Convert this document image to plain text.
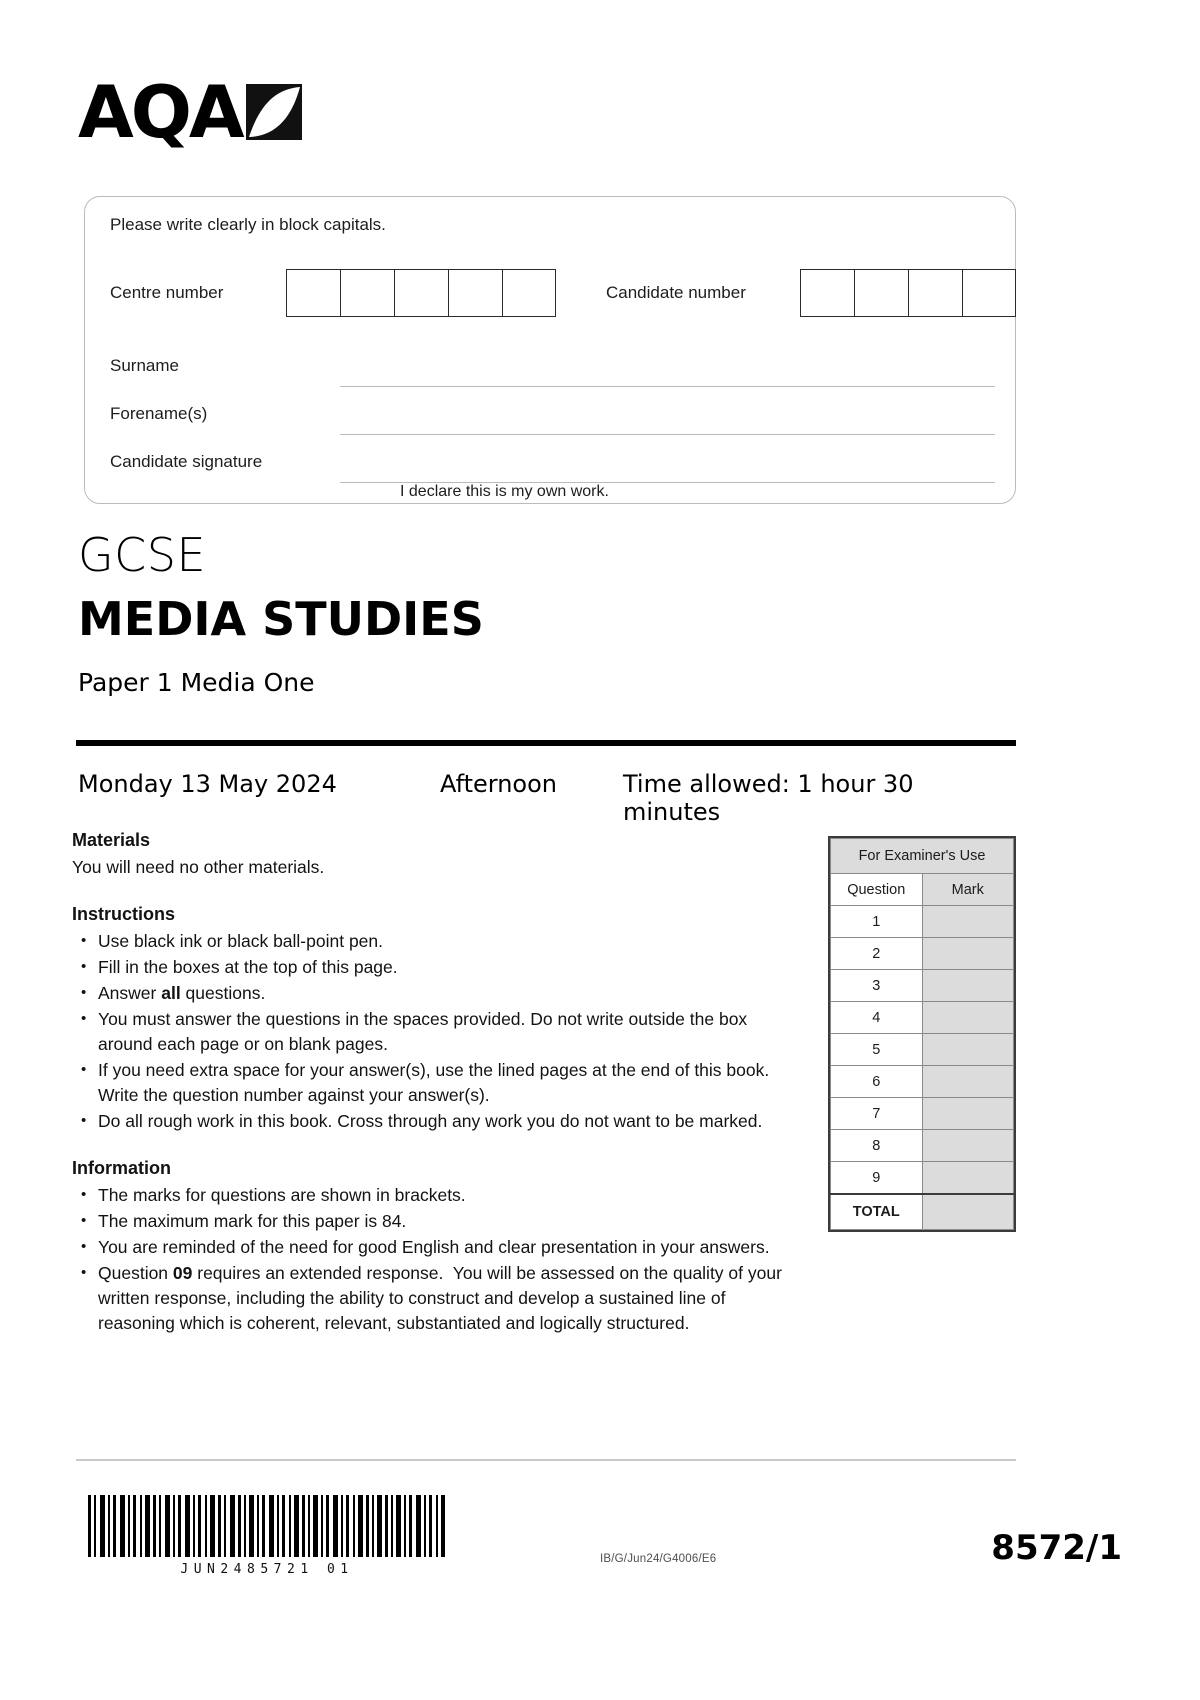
AQA
Please write clearly in block capitals.
Centre number	Candidate number
Surname
Forename(s)
Candidate signature
I declare this is my own work.
GCSE
MEDIA STUDIES
Paper 1 Media One
Monday 13 May 2024	Afternoon	Time allowed: 1 hour 30 minutes
Materials
You will need no other materials.
Instructions
• Use black ink or black ball-point pen.
• Fill in the boxes at the top of this page.
• Answer all questions.
• You must answer the questions in the spaces provided. Do not write outside the box around each page or on blank pages.
• If you need extra space for your answer(s), use the lined pages at the end of this book. Write the question number against your answer(s).
• Do all rough work in this book. Cross through any work you do not want to be marked.
Information
• The marks for questions are shown in brackets.
• The maximum mark for this paper is 84.
• You are reminded of the need for good English and clear presentation in your answers.
• Question 09 requires an extended response.  You will be assessed on the quality of your written response, including the ability to construct and develop a sustained line of reasoning which is coherent, relevant, substantiated and logically structured.
For Examiner's Use	
Question	Mark
1	
2	
3	
4	
5	
6	
7	
8	
9	
TOTAL	
JUN2485721 01
IB/G/Jun24/G4006/E6	8572/1
